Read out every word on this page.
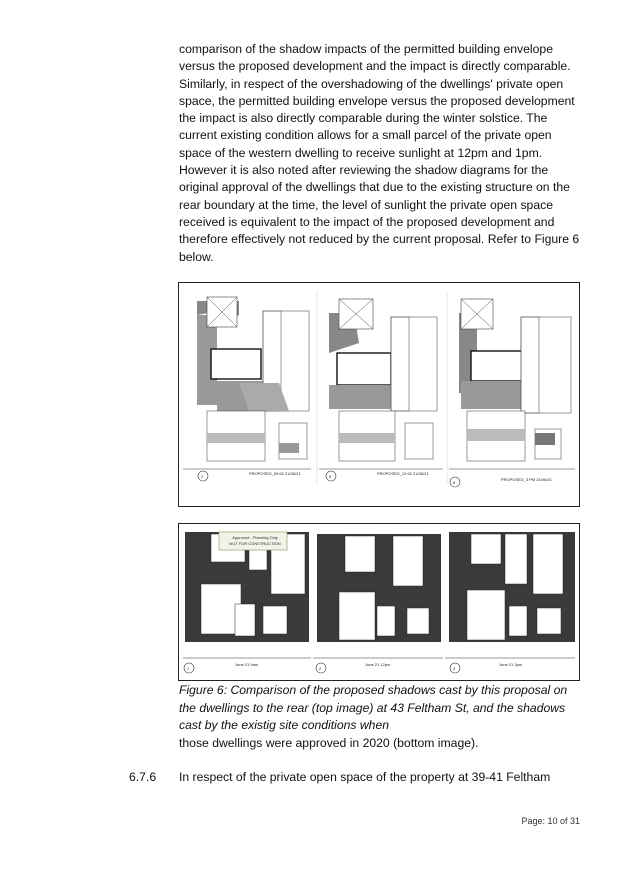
comparison of the shadow impacts of the permitted building envelope
versus the proposed development and the impact is directly comparable.
Similarly, in respect of the overshadowing of the dwellings' private open
space, the permitted building envelope versus the proposed development
the impact is also directly comparable during the winter solstice. The
current existing condition allows for a small parcel of the private open
space of the western dwelling to receive sunlight at 12pm and 1pm.
However it is also noted after reviewing the shadow diagrams for the
original approval of the dwellings that due to the existing structure on the
rear boundary at the time, the level of sunlight the private open space
received is equivalent to the impact of the proposed development and
therefore effectively not reduced by the current proposal. Refer to Figure 6
below.
2
PROPOSED_09:00 21/06/21
5
PROPOSED_12:00 21/06/21
8
PROPOSED_3 PM 21/06/21
Approved - Planning Only
NOT FOR CONSTRUCTION
1
June 21 9am
2
June 21 12pm
3
June 21 3pm
Figure 6: Comparison of the proposed shadows cast by this proposal on
the dwellings to the rear (top image) at 43 Feltham St, and the shadows
cast by the existig site conditions when
those dwellings were approved in 2020 (bottom image).
6.7.6 In respect of the private open space of the property at 39-41 Feltham
Page: 10 of 31
